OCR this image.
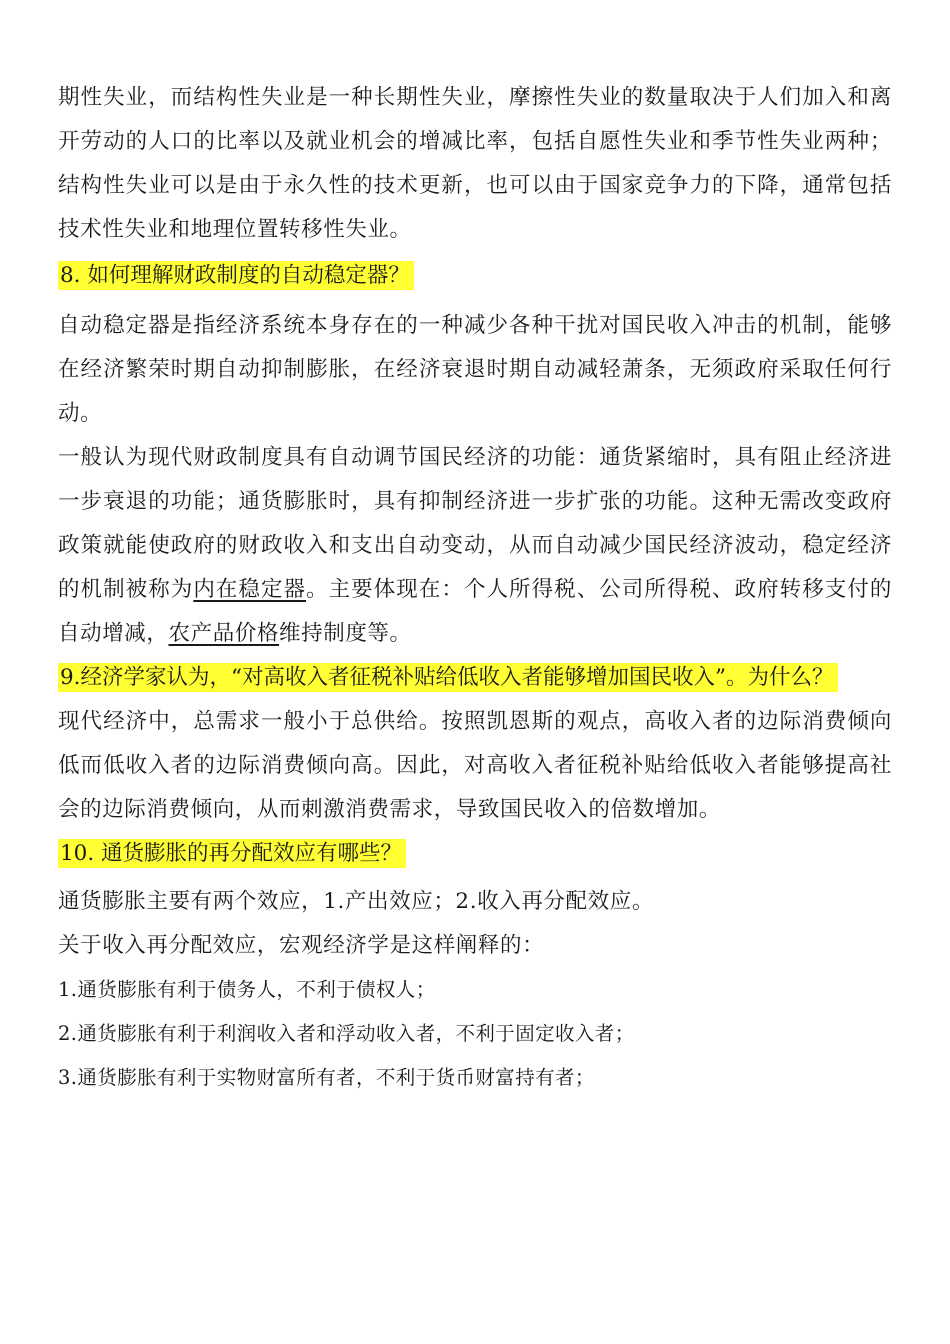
期性失业，而结构性失业是一种长期性失业，摩擦性失业的数量取决于人们加入和离开劳动的人口的比率以及就业机会的增减比率，包括自愿性失业和季节性失业两种；结构性失业可以是由于永久性的技术更新，也可以由于国家竞争力的下降，通常包括技术性失业和地理位置转移性失业。

8. 如何理解财政制度的自动稳定器？

自动稳定器是指经济系统本身存在的一种减少各种干扰对国民收入冲击的机制，能够在经济繁荣时期自动抑制膨胀，在经济衰退时期自动减轻萧条，无须政府采取任何行动。

一般认为现代财政制度具有自动调节国民经济的功能：通货紧缩时，具有阻止经济进一步衰退的功能；通货膨胀时，具有抑制经济进一步扩张的功能。这种无需改变政府政策就能使政府的财政收入和支出自动变动，从而自动减少国民经济波动，稳定经济的机制被称为内在稳定器。主要体现在：个人所得税、公司所得税、政府转移支付的自动增减，农产品价格维持制度等。

9.经济学家认为，“对高收入者征税补贴给低收入者能够增加国民收入”。为什么？

现代经济中，总需求一般小于总供给。按照凯恩斯的观点，高收入者的边际消费倾向低而低收入者的边际消费倾向高。因此，对高收入者征税补贴给低收入者能够提高社会的边际消费倾向，从而刺激消费需求，导致国民收入的倍数增加。

10. 通货膨胀的再分配效应有哪些？

通货膨胀主要有两个效应，1.产出效应；2.收入再分配效应。

关于收入再分配效应，宏观经济学是这样阐释的：

1.通货膨胀有利于债务人，不利于债权人；

2.通货膨胀有利于利润收入者和浮动收入者，不利于固定收入者；

3.通货膨胀有利于实物财富所有者，不利于货币财富持有者；
